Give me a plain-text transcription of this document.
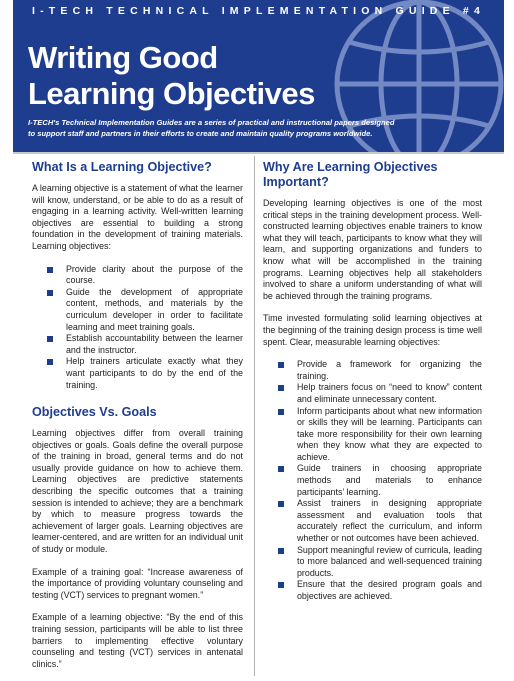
I-TECH TECHNICAL IMPLEMENTATION GUIDE #4
Writing Good
Learning Objectives
I-TECH's Technical Implementation Guides are a series of practical and instructional papers designed
to support staff and partners in their efforts to create and maintain quality programs worldwide.
What Is a Learning Objective?

A learning objective is a statement of what the learner will know, understand, or be able to do as a result of engaging in a learning activity. Well-written learning objectives are essential to building a strong foundation in the development of training materials. Learning objectives:

Provide clarity about the purpose of the course.
Guide the development of appropriate content, methods, and materials by the curriculum developer in order to facilitate learning and meet training goals.
Establish accountability between the learner and the instructor.
Help trainers articulate exactly what they want participants to do by the end of the training.
Objectives Vs. Goals

Learning objectives differ from overall training objectives or goals. Goals define the overall purpose of the training in broad, general terms and do not usually provide guidance on how to achieve them. Learning objectives are predictive statements describing the specific outcomes that a training session is intended to achieve; they are a benchmark by which to measure progress towards the achievement of larger goals. Learning objectives are learner-centered, and are written for an individual unit of study or module.

Example of a training goal: “Increase awareness of the importance of providing voluntary counseling and testing (VCT) services to pregnant women.”

Example of a learning objective: “By the end of this training session, participants will be able to list three barriers to implementing effective voluntary counseling and testing (VCT) services in antenatal clinics.”

Why Are Learning Objectives Important?

Developing learning objectives is one of the most critical steps in the training development process. Well-constructed learning objectives enable trainers to know what they will teach, participants to know what they will learn, and supporting organizations and funders to know what will be accomplished in the training programs. Learning objectives help all stakeholders involved to share a uniform understanding of what will be achieved through the training programs.

Time invested formulating solid learning objectives at the beginning of the training design process is time well spent. Clear, measurable learning objectives:

Provide a framework for organizing the training.
Help trainers focus on “need to know” content and eliminate unnecessary content.
Inform participants about what new information or skills they will be learning. Participants can take more responsibility for their own learning when they know what they are expected to achieve.
Guide trainers in choosing appropriate methods and materials to enhance participants’ learning.
Assist trainers in designing appropriate assessment and evaluation tools that accurately reflect the curriculum, and inform whether or not outcomes have been achieved.
Support meaningful review of curricula, leading to more balanced and well-sequenced training products.
Ensure that the desired program goals and objectives are achieved.
